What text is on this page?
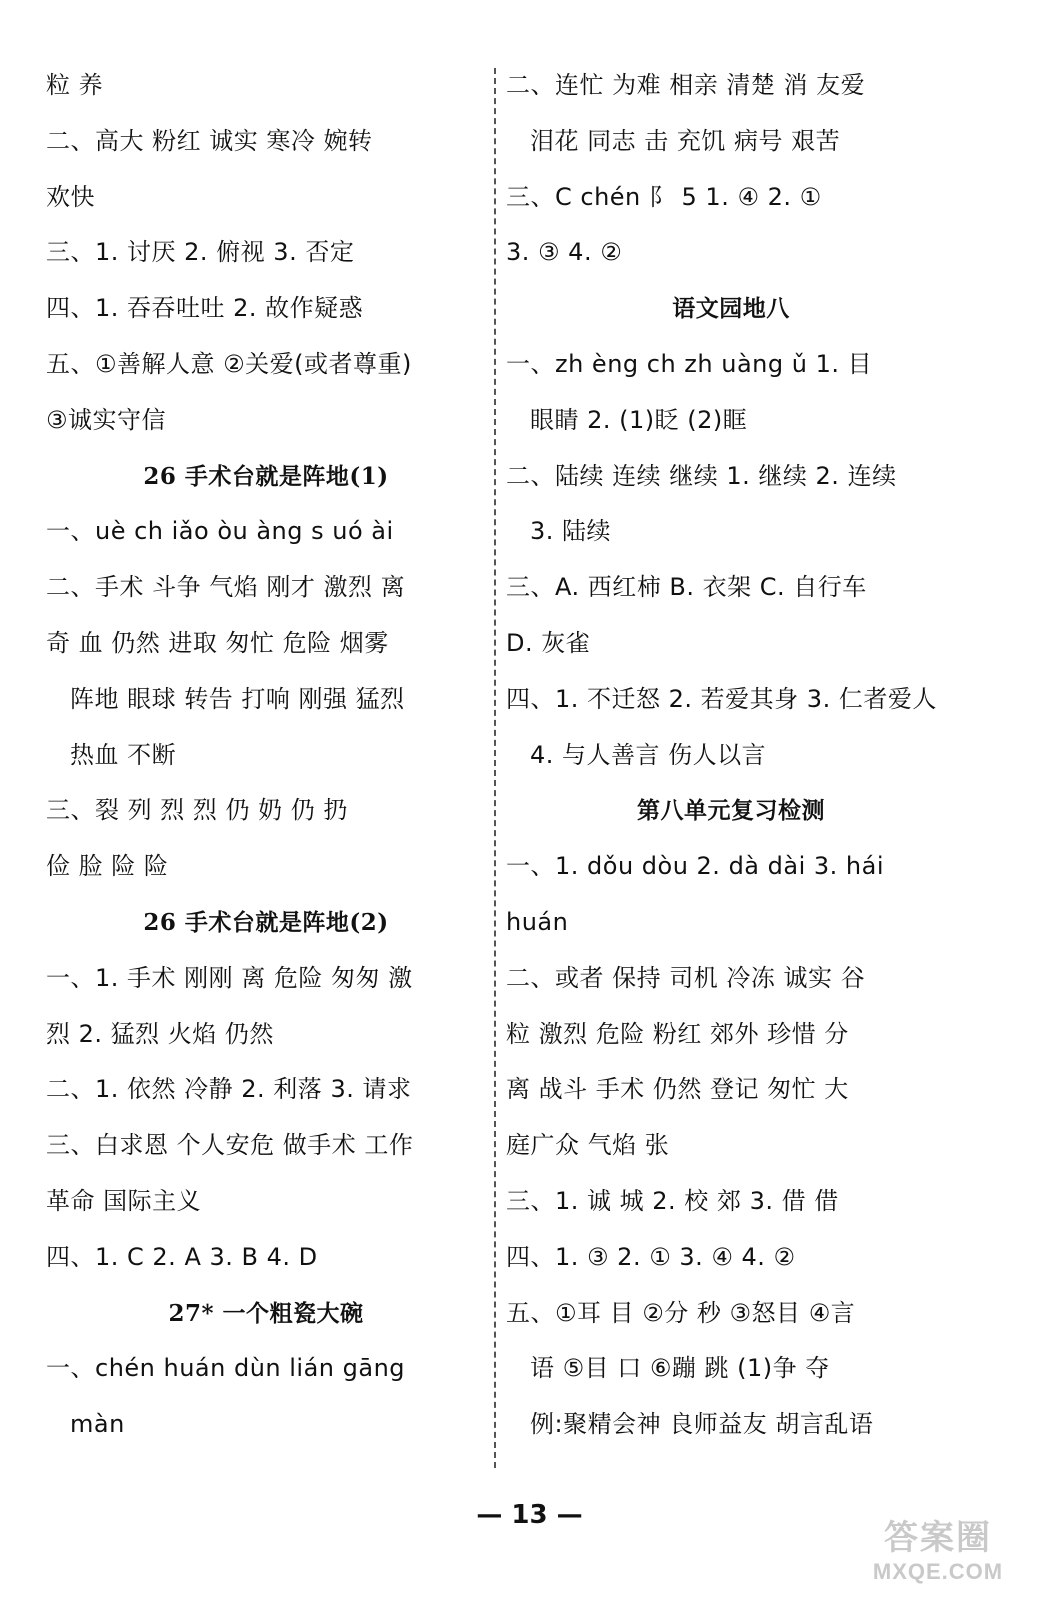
粒 养
二、高大 粉红 诚实 寒冷 婉转
欢快
三、1. 讨厌 2. 俯视 3. 否定
四、1. 吞吞吐吐 2. 故作疑惑
五、①善解人意 ②关爱(或者尊重)
③诚实守信
26 手术台就是阵地(1)
一、uè ch iǎo òu àng s uó ài
二、手术 斗争 气焰 刚才 激烈 离
奇 血 仍然 进取 匆忙 危险 烟雾
阵地 眼球 转告 打响 刚强 猛烈
热血 不断
三、裂 列 烈 烈 仍 奶 仍 扔
俭 脸 险 险
26 手术台就是阵地(2)
一、1. 手术 刚刚 离 危险 匆匆 激
烈 2. 猛烈 火焰 仍然
二、1. 依然 冷静 2. 利落 3. 请求
三、白求恩 个人安危 做手术 工作
革命 国际主义
四、1. C 2. A 3. B 4. D
27* 一个粗瓷大碗
一、chén huán dùn lián gāng
màn
二、连忙 为难 相亲 清楚 消 友爱
泪花 同志 击 充饥 病号 艰苦
三、C chén 阝 5 1. ④ 2. ①
3. ③ 4. ②
语文园地八
一、zh èng ch zh uàng ǔ 1. 目
眼睛 2. (1)眨 (2)眶
二、陆续 连续 继续 1. 继续 2. 连续
3. 陆续
三、A. 西红柿 B. 衣架 C. 自行车
D. 灰雀
四、1. 不迁怒 2. 若爱其身 3. 仁者爱人
4. 与人善言 伤人以言
第八单元复习检测
一、1. dǒu dòu 2. dà dài 3. hái
huán
二、或者 保持 司机 冷冻 诚实 谷
粒 激烈 危险 粉红 郊外 珍惜 分
离 战斗 手术 仍然 登记 匆忙 大
庭广众 气焰 张
三、1. 诚 城 2. 校 郊 3. 借 借
四、1. ③ 2. ① 3. ④ 4. ②
五、①耳 目 ②分 秒 ③怒目 ④言
语 ⑤目 口 ⑥蹦 跳 (1)争 夺
例:聚精会神 良师益友 胡言乱语
— 13 —
答案圈
MXQE.COM
